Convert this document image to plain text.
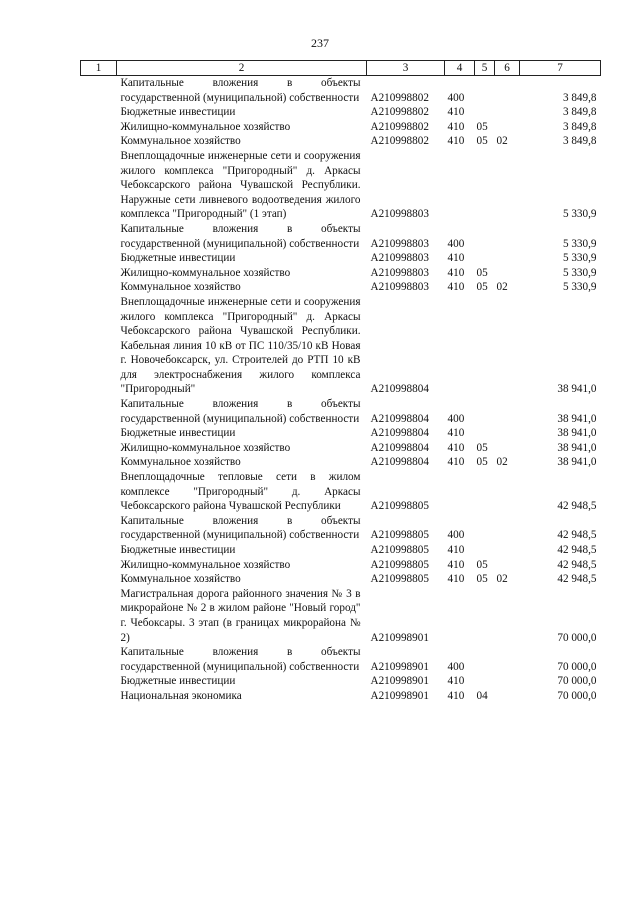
237
1	2	3	4	5	6	7

Капитальные вложения в объекты государственной (муниципальной) собственности		А210998802	400			3 849,8

Бюджетные инвестиции		А210998802	410			3 849,8

Жилищно-коммунальное хозяйство		А210998802	410	05		3 849,8

Коммунальное хозяйство		А210998802	410	05	02	3 849,8

Внеплощадочные инженерные сети и сооружения жилого комплекса "Пригородный" д. Аркасы Чебоксарского района Чувашской Республики. Наружные сети ливневого водоотведения жилого комплекса "Пригородный" (1 этап)		А210998803				5 330,9

Капитальные вложения в объекты государственной (муниципальной) собственности		А210998803	400			5 330,9

Бюджетные инвестиции		А210998803	410			5 330,9

Жилищно-коммунальное хозяйство		А210998803	410	05		5 330,9

Коммунальное хозяйство		А210998803	410	05	02	5 330,9

Внеплощадочные инженерные сети и сооружения жилого комплекса "Пригородный" д. Аркасы Чебоксарского района Чувашской Республики. Кабельная линия 10 кВ от ПС 110/35/10 кВ Новая г. Новочебоксарск, ул. Строителей до РТП 10 кВ для электроснабжения жилого комплекса "Пригородный"		А210998804				38 941,0

Капитальные вложения в объекты государственной (муниципальной) собственности		А210998804	400			38 941,0

Бюджетные инвестиции		А210998804	410			38 941,0

Жилищно-коммунальное хозяйство		А210998804	410	05		38 941,0

Коммунальное хозяйство		А210998804	410	05	02	38 941,0

Внеплощадочные тепловые сети в жилом комплексе "Пригородный" д. Аркасы Чебоксарского района Чувашской Республики		А210998805				42 948,5

Капитальные вложения в объекты государственной (муниципальной) собственности		А210998805	400			42 948,5

Бюджетные инвестиции		А210998805	410			42 948,5

Жилищно-коммунальное хозяйство		А210998805	410	05		42 948,5

Коммунальное хозяйство		А210998805	410	05	02	42 948,5

Магистральная дорога районного значения № 3 в микрорайоне № 2 в жилом районе "Новый город" г. Чебоксары. 3 этап (в границах микрорайона № 2)		А210998901				70 000,0

Капитальные вложения в объекты государственной (муниципальной) собственности		А210998901	400			70 000,0

Бюджетные инвестиции		А210998901	410			70 000,0

Национальная экономика		А210998901	410	04		70 000,0
